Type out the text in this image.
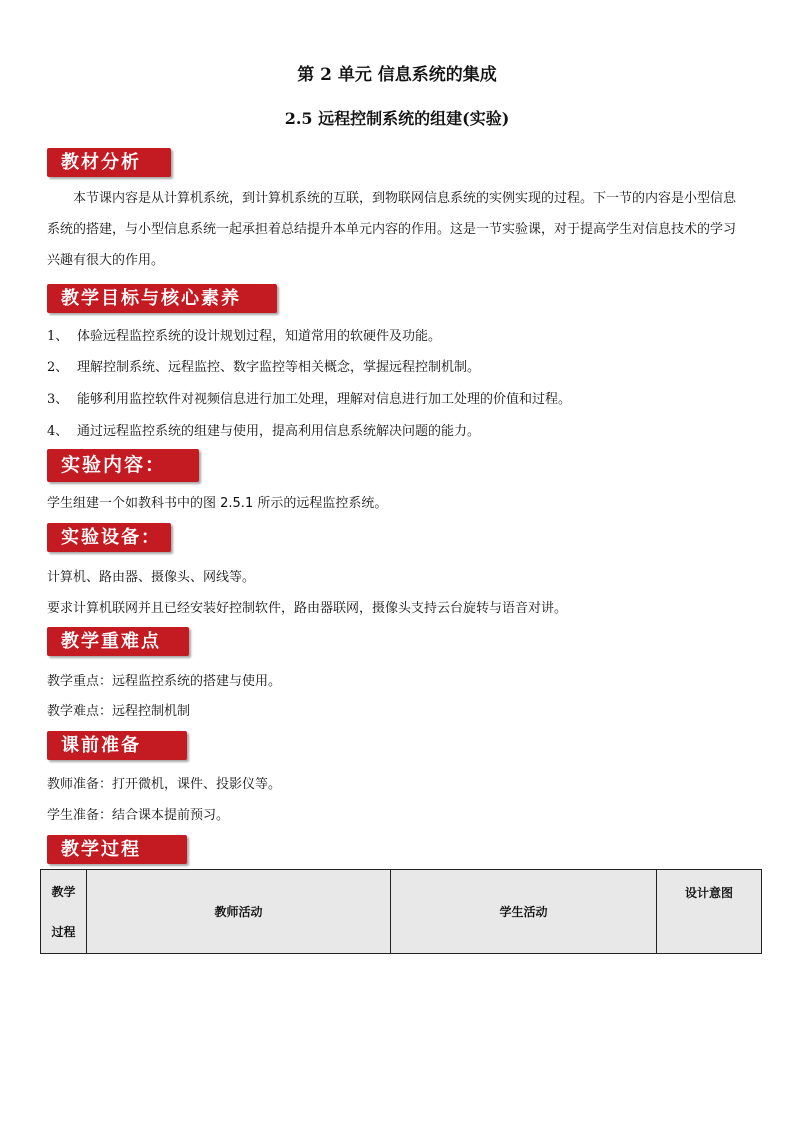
第 2 单元 信息系统的集成
2.5 远程控制系统的组建(实验)
教材分析
本节课内容是从计算机系统，到计算机系统的互联，到物联网信息系统的实例实现的过程。下一节的内容是小型信息系统的搭建，与小型信息系统一起承担着总结提升本单元内容的作用。这是一节实验课，对于提高学生对信息技术的学习兴趣有很大的作用。
教学目标与核心素养
1、 体验远程监控系统的设计规划过程，知道常用的软硬件及功能。
2、 理解控制系统、远程监控、数字监控等相关概念，掌握远程控制机制。
3、 能够利用监控软件对视频信息进行加工处理，理解对信息进行加工处理的价值和过程。
4、 通过远程监控系统的组建与使用，提高利用信息系统解决问题的能力。
实验内容：
学生组建一个如教科书中的图 2.5.1 所示的远程监控系统。
实验设备：
计算机、路由器、摄像头、网线等。
要求计算机联网并且已经安装好控制软件，路由器联网，摄像头支持云台旋转与语音对讲。
教学重难点
教学重点：远程监控系统的搭建与使用。
教学难点：远程控制机制
课前准备
教师准备：打开微机，课件、投影仪等。
学生准备：结合课本提前预习。
教学过程
教学
过程
	教师活动	学生活动	设计意图
